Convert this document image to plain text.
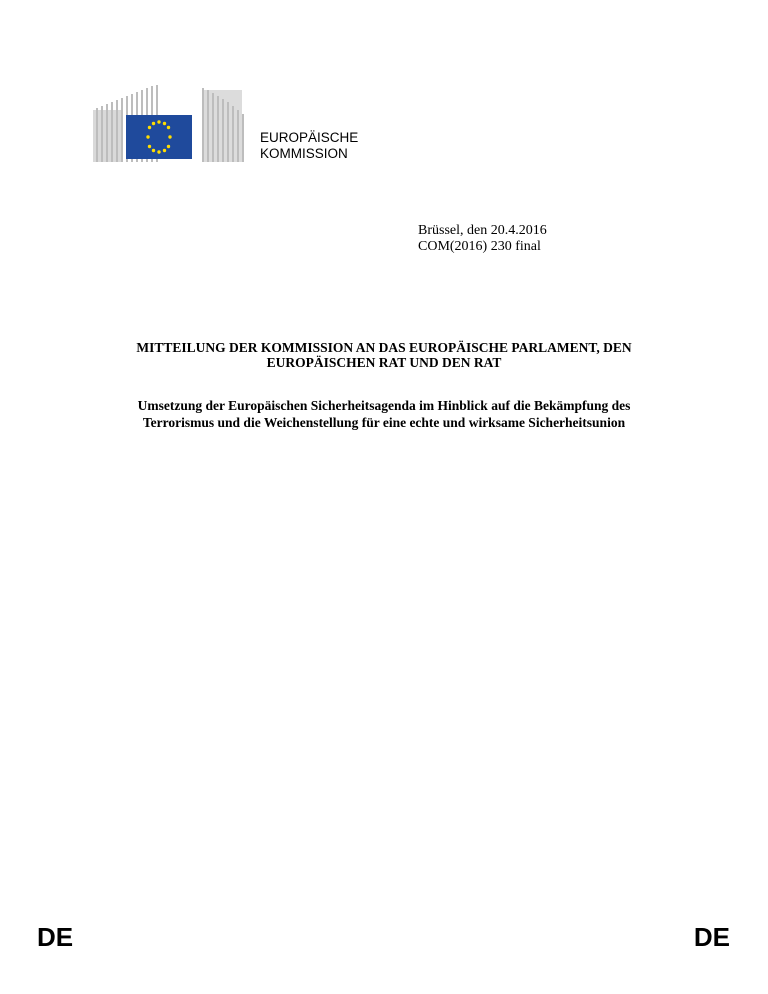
EUROPÄISCHE
KOMMISSION
Brüssel, den 20.4.2016
COM(2016) 230 final
MITTEILUNG DER KOMMISSION AN DAS EUROPÄISCHE PARLAMENT, DEN
EUROPÄISCHEN RAT UND DEN RAT
Umsetzung der Europäischen Sicherheitsagenda im Hinblick auf die Bekämpfung des
Terrorismus und die Weichenstellung für eine echte und wirksame Sicherheitsunion
DE	DE
